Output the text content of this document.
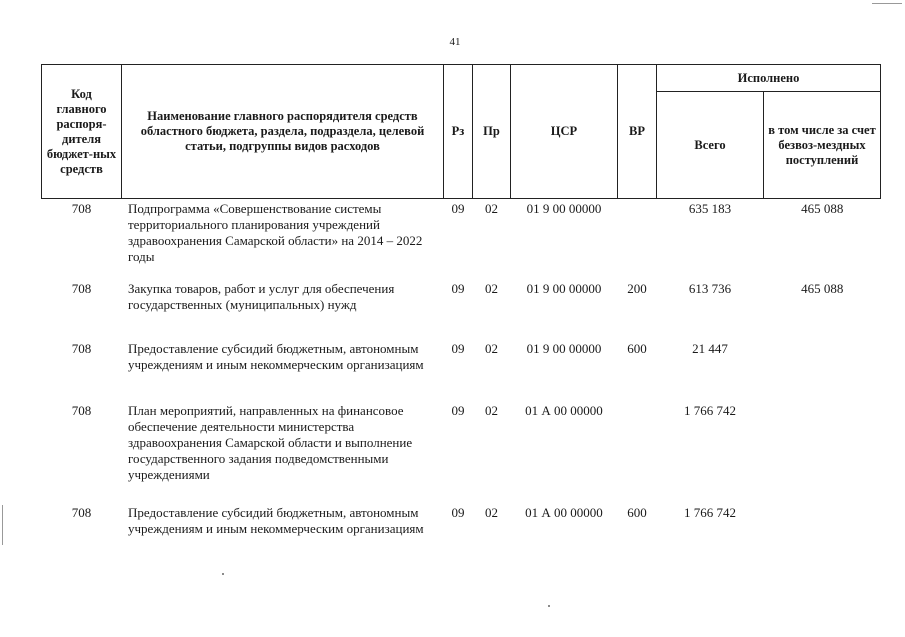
41
Код главного распоря-дителя бюджет-ных средств	Наименование главного распорядителя средств областного бюджета, раздела, подраздела, целевой статьи, подгруппы видов расходов	Рз	Пр	ЦСР	ВР	Исполнено	
						Всего	в том числе за счет безвоз-мездных поступлений
708	Подпрограмма «Совершенствование системы территориального планирования учреждений здравоохранения Самарской области» на 2014 – 2022 годы	09	02	01 9 00 00000		635 183	465 088
708	Закупка товаров, работ и услуг для обеспечения государственных (муниципальных) нужд	09	02	01 9 00 00000	200	613 736	465 088
708	Предоставление субсидий бюджетным, автономным учреждениям и иным некоммерческим организациям	09	02	01 9 00 00000	600	21 447	
708	План мероприятий, направленных на финансовое обеспечение деятельности министерства здравоохранения Самарской области и выполнение государственного задания подведомственными учреждениями	09	02	01 А 00 00000		1 766 742	
708	Предоставление субсидий бюджетным, автономным учреждениям и иным некоммерческим организациям	09	02	01 А 00 00000	600	1 766 742	
